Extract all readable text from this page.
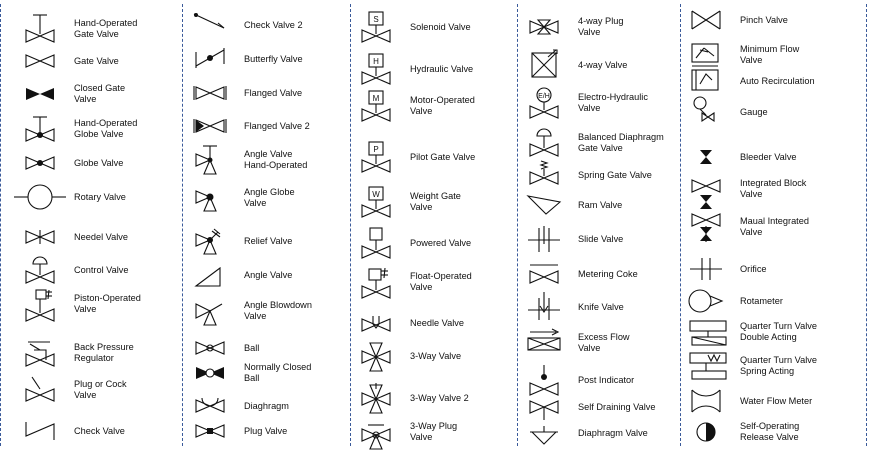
Hand-Operated
Gate Valve
Gate Valve
Closed Gate
Valve
Hand-Operated
Globe Valve
Globe Valve
Rotary Valve
Needel Valve
Control Valve
Piston-Operated
Valve
Back Pressure
Regulator
Plug or Cock
Valve
Check Valve
Check Valve 2
Butterfly Valve
Flanged Valve
Flanged Valve 2
Angle Valve
Hand-Operated
Angle Globe
Valve
Relief Valve
Angle Valve
Angle Blowdown
Valve
Ball
Normally Closed
Ball
Diaghragm
Plug Valve
S
Solenoid Valve
H
Hydraulic Valve
M	Motor-Operated
Valve
P
Pilot Gate Valve
W	Weight Gate
Valve
Powered Valve
Float-Operated
Valve
Needle Valve
3-Way Valve
3-Way Valve 2
3-Way Plug
Valve
4-way Plug
Valve
4-way Valve
E/H	Electro-Hydraulic
Valve
Balanced Diaphragm
Gate Valve
Spring Gate Valve
Ram Valve
Slide Valve
Metering Coke
Knife Valve
Excess Flow
Valve
Post Indicator
Self Draining Valve
Diaphragm Valve
Pinch Valve
Minimum Flow
Valve
Auto Recirculation
Gauge
Bleeder Valve
Integrated Block
Valve
Maual Integrated
Valve
Orifice
Rotameter
Quarter Turn Valve
Double Acting
Quarter Turn Valve
Spring Acting
Water Flow Meter
Self-Operating
Release Valve
